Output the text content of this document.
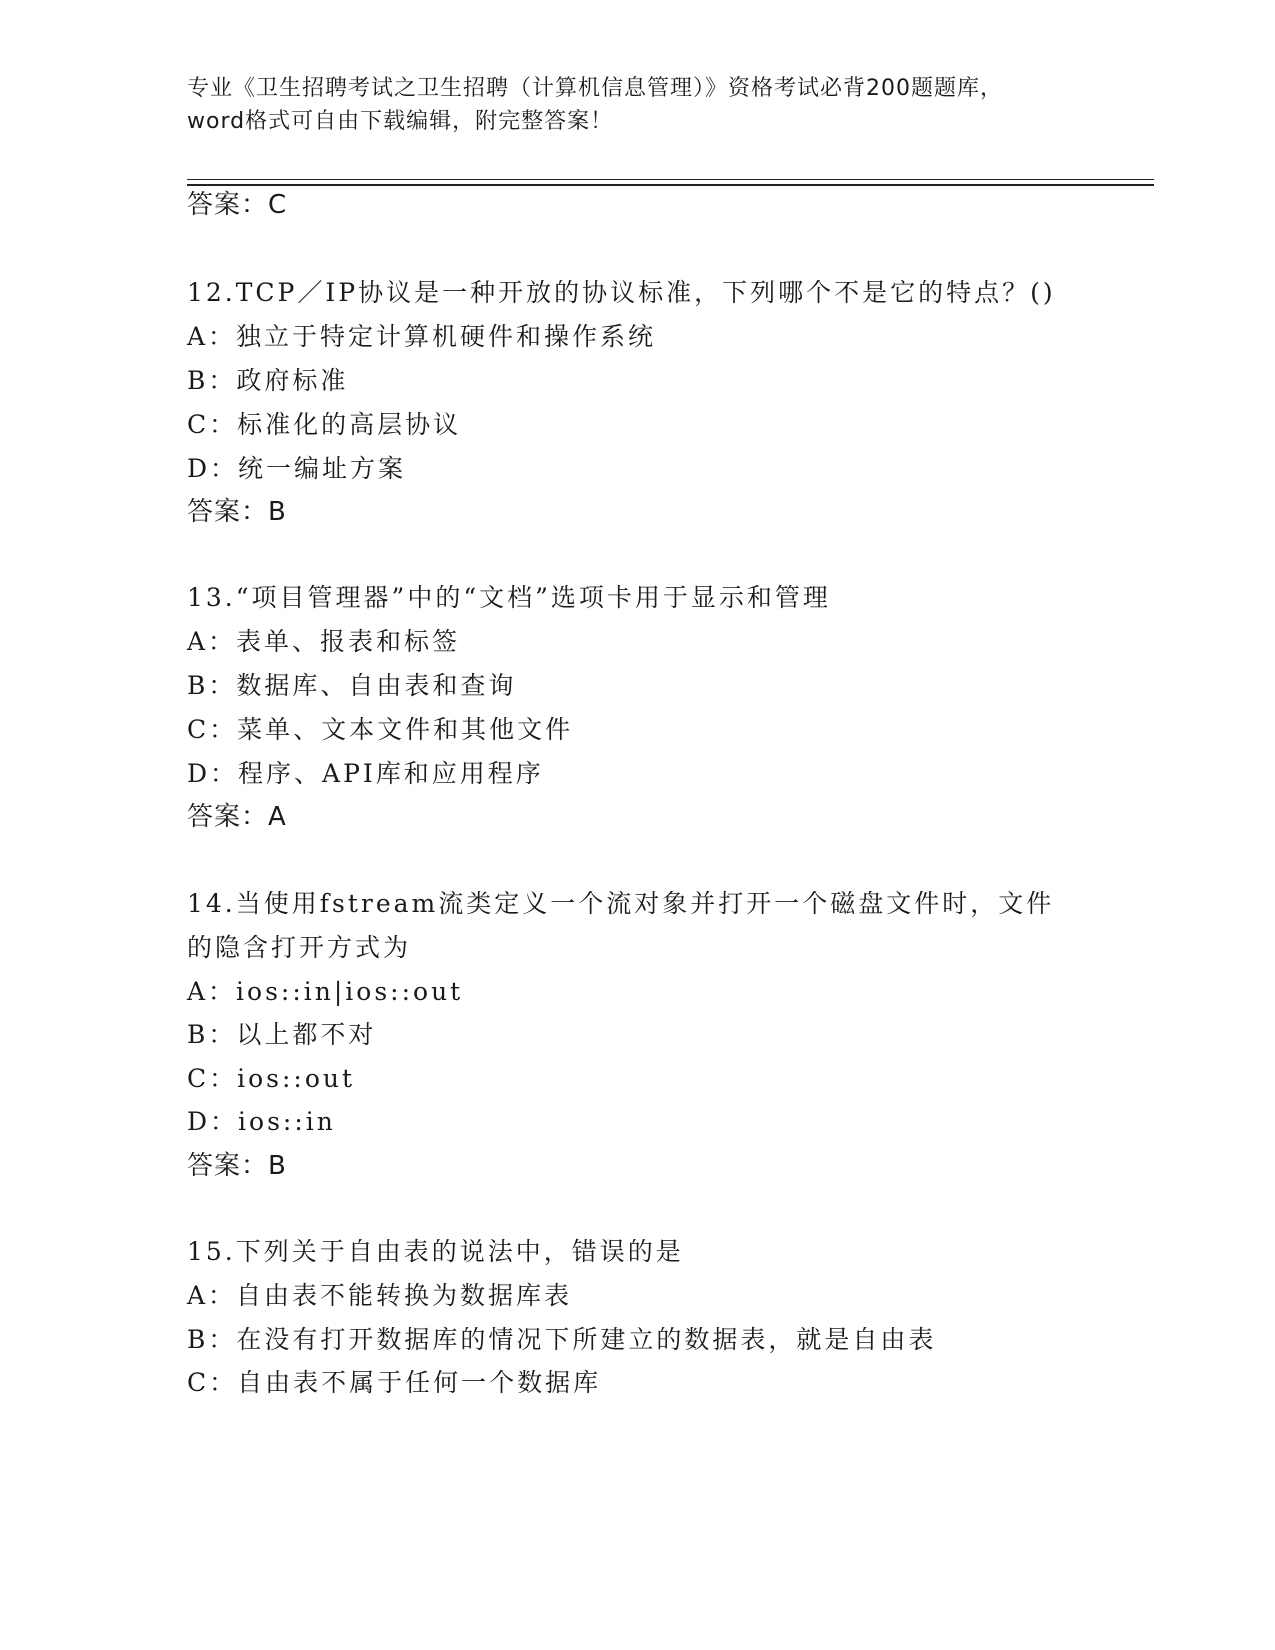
专业《卫生招聘考试之卫生招聘（计算机信息管理）》资格考试必背200题题库，
word格式可自由下载编辑，附完整答案！
答案：C
12.TCP／IP协议是一种开放的协议标准，下列哪个不是它的特点？()
A：独立于特定计算机硬件和操作系统
B：政府标准
C：标准化的高层协议
D：统一编址方案
答案：B
13.“项目管理器”中的“文档”选项卡用于显示和管理
A：表单、报表和标签
B：数据库、自由表和查询
C：菜单、文本文件和其他文件
D：程序、API库和应用程序
答案：A
14.当使用fstream流类定义一个流对象并打开一个磁盘文件时，文件
的隐含打开方式为
A：ios::in|ios::out
B：以上都不对
C：ios::out
D：ios::in
答案：B
15.下列关于自由表的说法中，错误的是
A：自由表不能转换为数据库表
B：在没有打开数据库的情况下所建立的数据表，就是自由表
C：自由表不属于任何一个数据库
